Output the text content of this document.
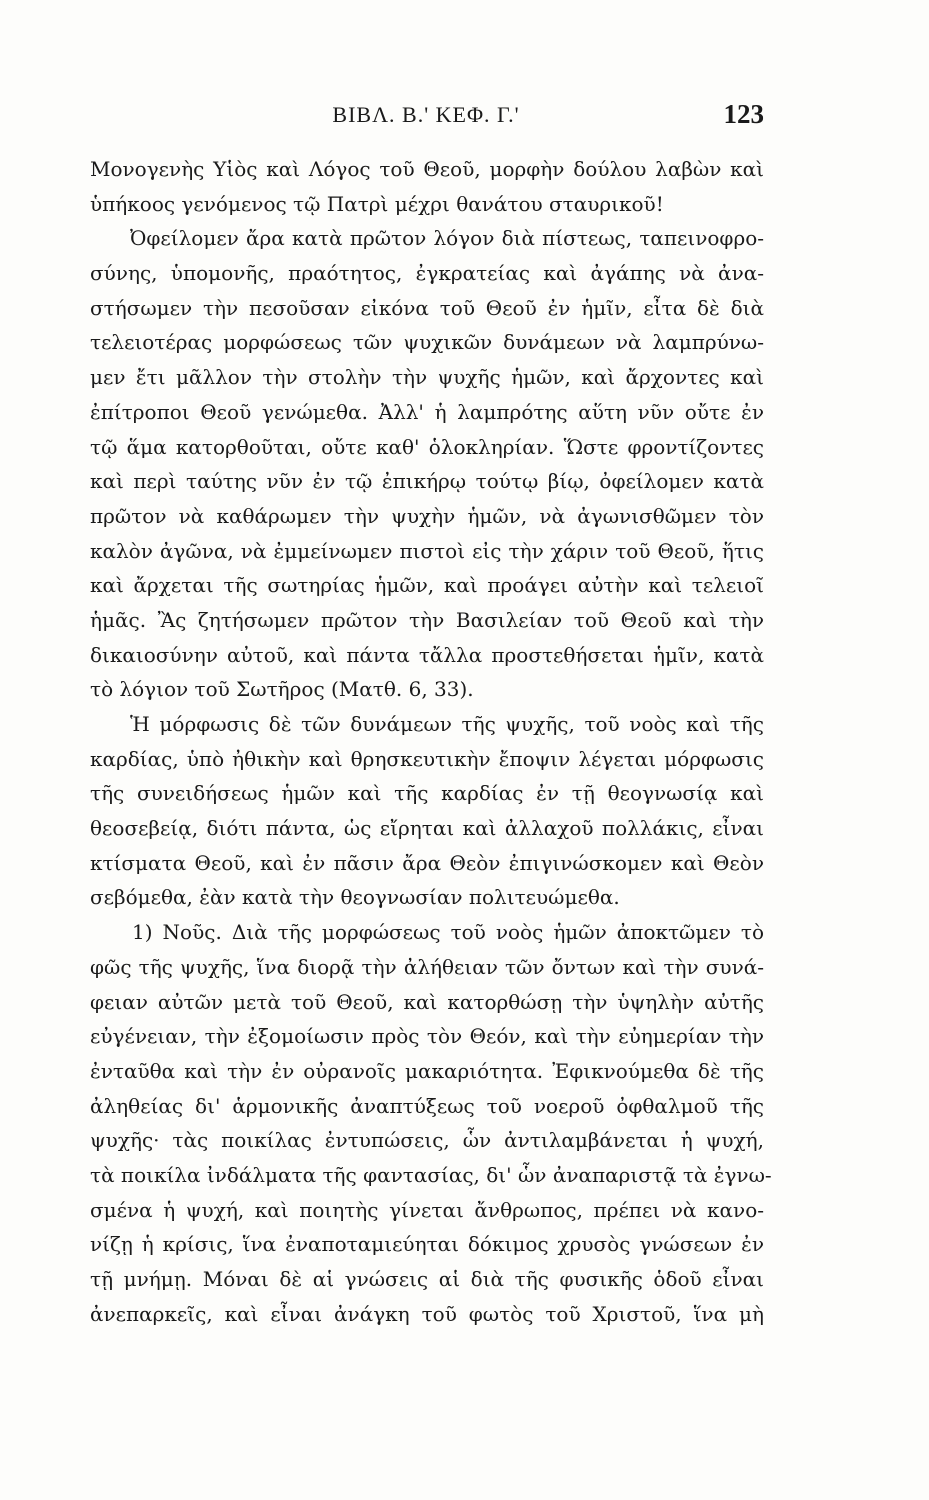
ΒΙΒΛ. Β.' ΚΕΦ. Γ.'	123
Μονογενὴς Υἱὸς καὶ Λόγος τοῦ Θεοῦ, μορφὴν δούλου λαβὼν καὶ
ὑπήκοος γενόμενος τῷ Πατρὶ μέχρι θανάτου σταυρικοῦ!
Ὀφείλομεν ἄρα κατὰ πρῶτον λόγον διὰ πίστεως, ταπεινοφρο-
σύνης, ὑπομονῆς, πραότητος, ἐγκρατείας καὶ ἀγάπης νὰ ἀνα-
στήσωμεν τὴν πεσοῦσαν εἰκόνα τοῦ Θεοῦ ἐν ἡμῖν, εἶτα δὲ διὰ
τελειοτέρας μορφώσεως τῶν ψυχικῶν δυνάμεων νὰ λαμπρύνω-
μεν ἔτι μᾶλλον τὴν στολὴν τὴν ψυχῆς ἡμῶν, καὶ ἄρχοντες καὶ
ἐπίτροποι Θεοῦ γενώμεθα. Ἀλλ' ἡ λαμπρότης αὕτη νῦν οὔτε ἐν
τῷ ἅμα κατορθοῦται, οὔτε καθ' ὁλοκληρίαν. Ὥστε φροντίζοντες
καὶ περὶ ταύτης νῦν ἐν τῷ ἐπικήρῳ τούτῳ βίῳ, ὀφείλομεν κατὰ
πρῶτον νὰ καθάρωμεν τὴν ψυχὴν ἡμῶν, νὰ ἀγωνισθῶμεν τὸν
καλὸν ἀγῶνα, νὰ ἐμμείνωμεν πιστοὶ εἰς τὴν χάριν τοῦ Θεοῦ, ἥτις
καὶ ἄρχεται τῆς σωτηρίας ἡμῶν, καὶ προάγει αὐτὴν καὶ τελειοῖ
ἡμᾶς. Ἂς ζητήσωμεν πρῶτον τὴν Βασιλείαν τοῦ Θεοῦ καὶ τὴν
δικαιοσύνην αὐτοῦ, καὶ πάντα τἄλλα προστεθήσεται ἡμῖν, κατὰ
τὸ λόγιον τοῦ Σωτῆρος (Ματθ. 6, 33).
Ἡ μόρφωσις δὲ τῶν δυνάμεων τῆς ψυχῆς, τοῦ νοὸς καὶ τῆς
καρδίας, ὑπὸ ἠθικὴν καὶ θρησκευτικὴν ἔποψιν λέγεται μόρφωσις
τῆς συνειδήσεως ἡμῶν καὶ τῆς καρδίας ἐν τῇ θεογνωσίᾳ καὶ
θεοσεβείᾳ, διότι πάντα, ὡς εἴρηται καὶ ἀλλαχοῦ πολλάκις, εἶναι
κτίσματα Θεοῦ, καὶ ἐν πᾶσιν ἄρα Θεὸν ἐπιγινώσκομεν καὶ Θεὸν
σεβόμεθα, ἐὰν κατὰ τὴν θεογνωσίαν πολιτευώμεθα.
1) Νοῦς. Διὰ τῆς μορφώσεως τοῦ νοὸς ἡμῶν ἀποκτῶμεν τὸ
φῶς τῆς ψυχῆς, ἵνα διορᾷ τὴν ἀλήθειαν τῶν ὄντων καὶ τὴν συνά-
φειαν αὐτῶν μετὰ τοῦ Θεοῦ, καὶ κατορθώσῃ τὴν ὑψηλὴν αὐτῆς
εὐγένειαν, τὴν ἐξομοίωσιν πρὸς τὸν Θεόν, καὶ τὴν εὐημερίαν τὴν
ἐνταῦθα καὶ τὴν ἐν οὐρανοῖς μακαριότητα. Ἐφικνούμεθα δὲ τῆς
ἀληθείας δι' ἁρμονικῆς ἀναπτύξεως τοῦ νοεροῦ ὀφθαλμοῦ τῆς
ψυχῆς· τὰς ποικίλας ἐντυπώσεις, ὧν ἀντιλαμβάνεται ἡ ψυχή,
τὰ ποικίλα ἰνδάλματα τῆς φαντασίας, δι' ὧν ἀναπαριστᾷ τὰ ἐγνω-
σμένα ἡ ψυχή, καὶ ποιητὴς γίνεται ἄνθρωπος, πρέπει νὰ κανο-
νίζῃ ἡ κρίσις, ἵνα ἐναποταμιεύηται δόκιμος χρυσὸς γνώσεων ἐν
τῇ μνήμῃ. Μόναι δὲ αἱ γνώσεις αἱ διὰ τῆς φυσικῆς ὁδοῦ εἶναι
ἀνεπαρκεῖς, καὶ εἶναι ἀνάγκη τοῦ φωτὸς τοῦ Χριστοῦ, ἵνα μὴ
